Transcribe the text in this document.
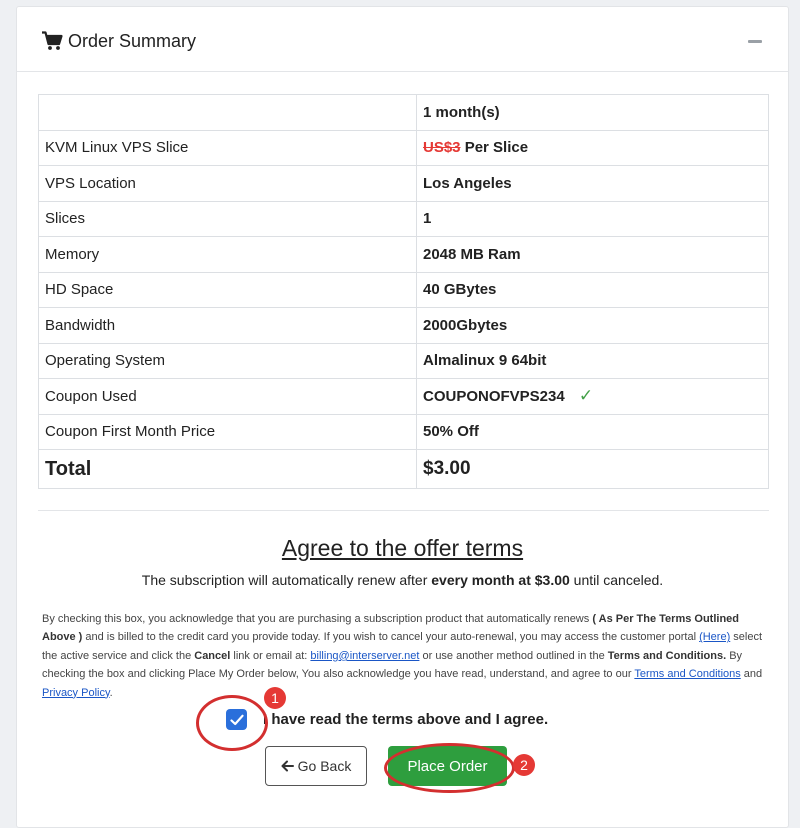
Order Summary
	1 month(s)
KVM Linux VPS Slice	US$3 Per Slice
VPS Location	Los Angeles
Slices	1
Memory	2048 MB Ram
HD Space	40 GBytes
Bandwidth	2000Gbytes
Operating System	Almalinux 9 64bit
Coupon Used	COUPONOFVPS234 ✓
Coupon First Month Price	50% Off
Total	$3.00
Agree to the offer terms
The subscription will automatically renew after every month at $3.00 until canceled.
By checking this box, you acknowledge that you are purchasing a subscription product that automatically renews ( As Per The Terms Outlined Above ) and is billed to the credit card you provide today. If you wish to cancel your auto-renewal, you may access the customer portal (Here) select the active service and click the Cancel link or email at: billing@interserver.net or use another method outlined in the Terms and Conditions. By checking the box and clicking Place My Order below, You also acknowledge you have read, understand, and agree to our Terms and Conditions and Privacy Policy.
I have read the terms above and I agree.
1
Go Back	Place Order	2
